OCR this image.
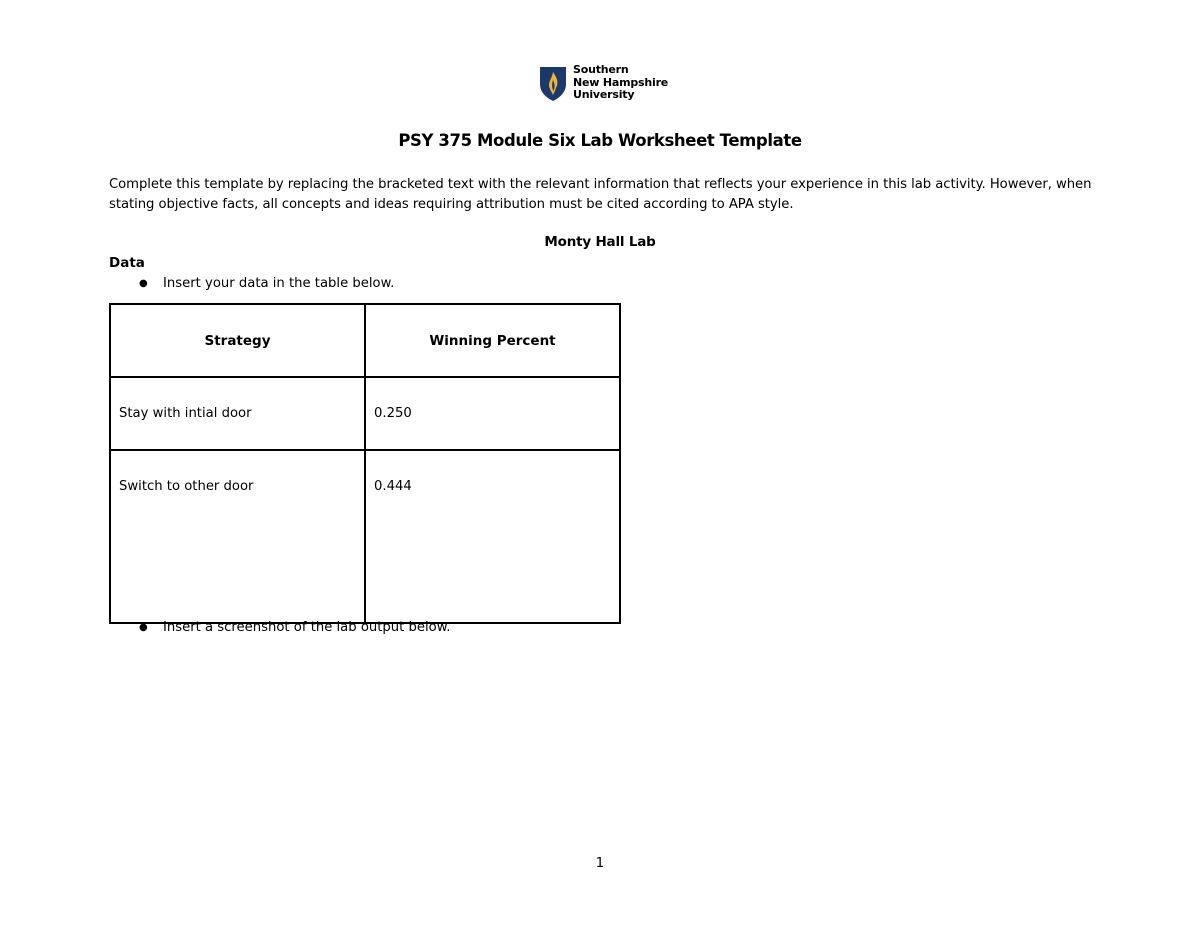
Southern
New Hampshire
University
PSY 375 Module Six Lab Worksheet Template
Complete this template by replacing the bracketed text with the relevant information that reflects your experience in this lab activity. However, when stating objective facts, all concepts and ideas requiring attribution must be cited according to APA style.
Monty Hall Lab
Data
● Insert your data in the table below.
Strategy	Winning Percent
Stay with intial door	0.250
Switch to other door	0.444
● Insert a screenshot of the lab output below.
1
